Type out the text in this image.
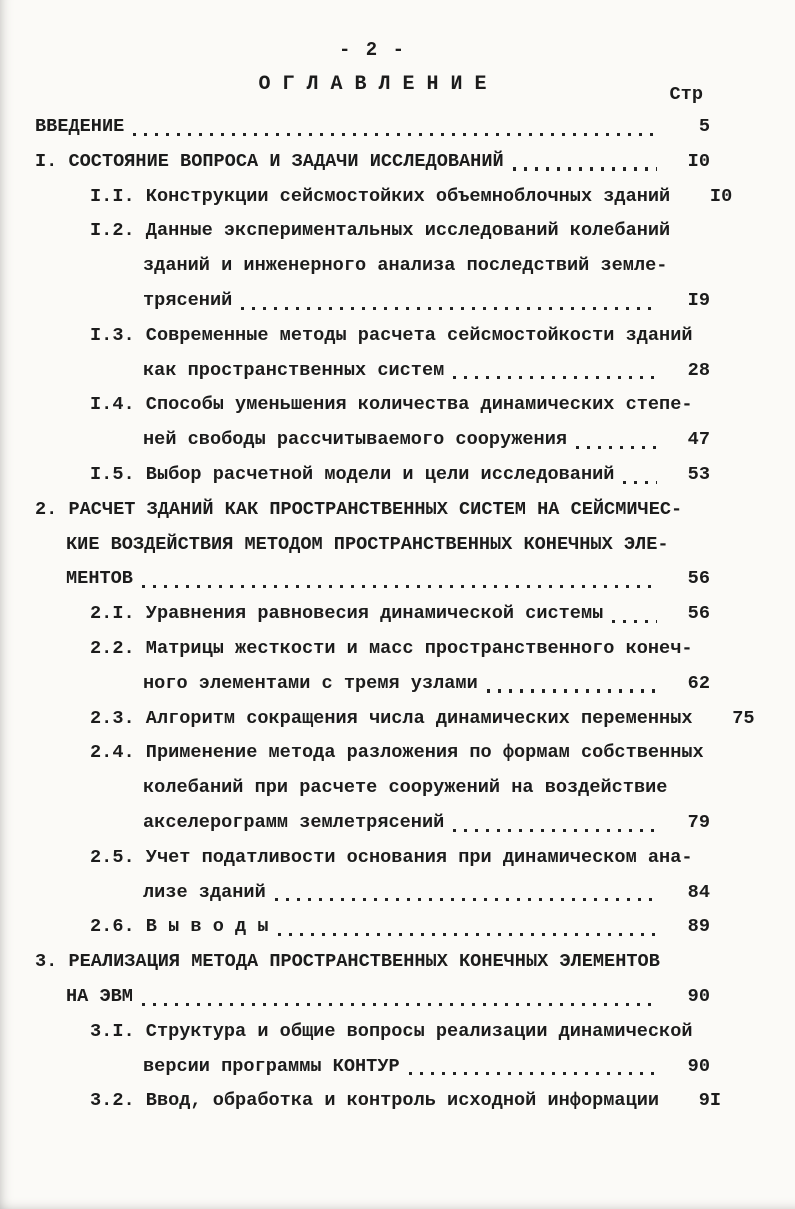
- 2 -
О Г Л А В Л Е Н И Е	Стр
ВВЕДЕНИЕ	5
I. СОСТОЯНИЕ ВОПРОСА И ЗАДАЧИ ИССЛЕДОВАНИЙ	I0
I.I. Конструкции сейсмостойких объемноблочных зданий	I0
I.2. Данные экспериментальных исследований колебаний
зданий и инженерного анализа последствий земле-
трясений	I9
I.3. Современные методы расчета сейсмостойкости зданий
как пространственных систем	28
I.4. Способы уменьшения количества динамических степе-
ней свободы рассчитываемого сооружения	47
I.5. Выбор расчетной модели и цели исследований	53
2. РАСЧЕТ ЗДАНИЙ КАК ПРОСТРАНСТВЕННЫХ СИСТЕМ НА СЕЙСМИЧЕС-
КИЕ ВОЗДЕЙСТВИЯ МЕТОДОМ ПРОСТРАНСТВЕННЫХ КОНЕЧНЫХ ЭЛЕ-
МЕНТОВ	56
2.I. Уравнения равновесия динамической системы	56
2.2. Матрицы жесткости и масс пространственного конеч-
ного элементами с тремя узлами	62
2.3. Алгоритм сокращения числа динамических переменных	75
2.4. Применение метода разложения по формам собственных
колебаний при расчете сооружений на воздействие
акселерограмм землетрясений	79
2.5. Учет податливости основания при динамическом ана-
лизе зданий	84
2.6. В ы в о д ы	89
3. РЕАЛИЗАЦИЯ МЕТОДА ПРОСТРАНСТВЕННЫХ КОНЕЧНЫХ ЭЛЕМЕНТОВ
НА ЭВМ	90
3.I. Структура и общие вопросы реализации динамической
версии программы КОНТУР	90
3.2. Ввод, обработка и контроль исходной информации	9I
